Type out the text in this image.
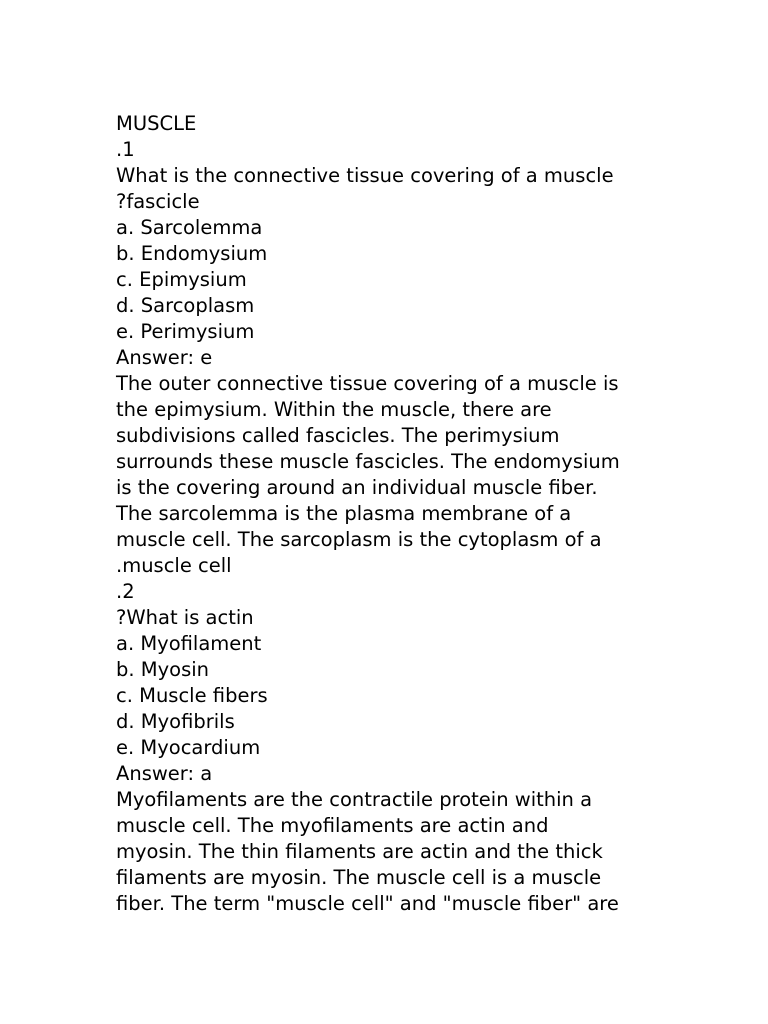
MUSCLE
.1
What is the connective tissue covering of a muscle
?fascicle
a. Sarcolemma
b. Endomysium
c. Epimysium
d. Sarcoplasm
e. Perimysium
Answer: e
The outer connective tissue covering of a muscle is
the epimysium. Within the muscle, there are
subdivisions called fascicles. The perimysium
surrounds these muscle fascicles. The endomysium
is the covering around an individual muscle fiber.
The sarcolemma is the plasma membrane of a
muscle cell. The sarcoplasm is the cytoplasm of a
.muscle cell
.2
?What is actin
a. Myofilament
b. Myosin
c. Muscle fibers
d. Myofibrils
e. Myocardium
Answer: a
Myofilaments are the contractile protein within a
muscle cell. The myofilaments are actin and
myosin. The thin filaments are actin and the thick
filaments are myosin. The muscle cell is a muscle
fiber. The term "muscle cell" and "muscle fiber" are
